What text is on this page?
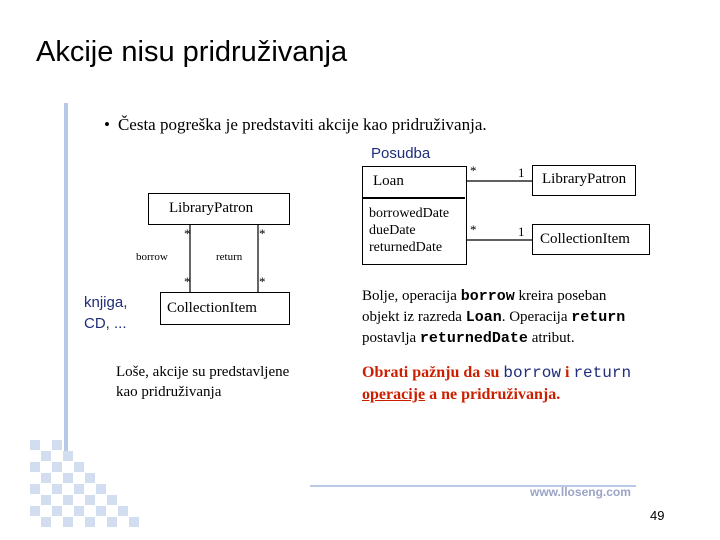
Akcije nisu pridruživanja
• Česta pogreška je predstaviti akcije kao pridruživanja.
LibraryPatron
CollectionItem
*	*
*	*
borrow	return
knjiga,
CD, ...
Loše, akcije su predstavljene
kao pridruživanja
Posudba
Loan
borrowedDate
dueDate
returnedDate
LibraryPatron
CollectionItem
*	1
*	1
Bolje, operacija borrow kreira poseban
objekt iz razreda Loan. Operacija return
postavlja returnedDate atribut.
Obrati pažnju da su borrow i return
operacije a ne pridruživanja.
www.lloseng.com
49
